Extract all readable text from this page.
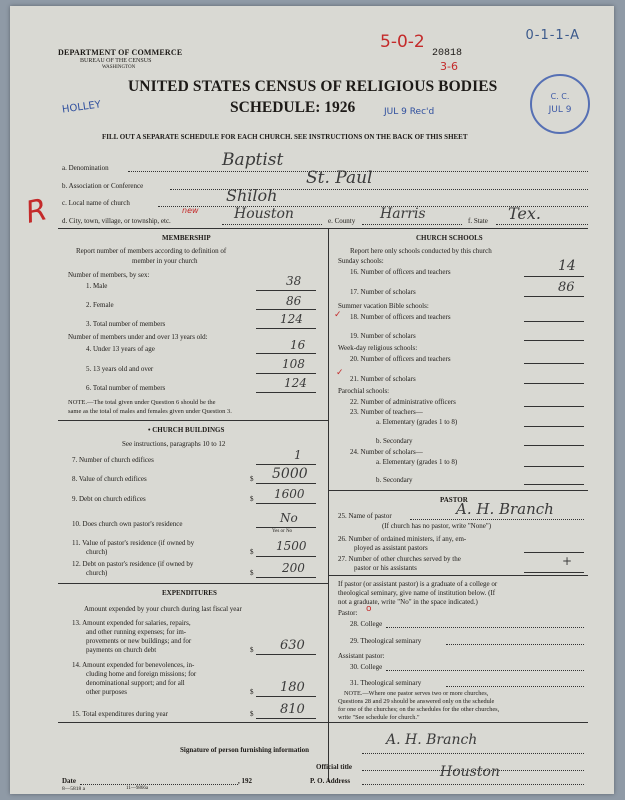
0-1-1-A
5-0-2
20818
3-6
DEPARTMENT OF COMMERCE
BUREAU OF THE CENSUS
WASHINGTON
HOLLEY
UNITED STATES CENSUS OF RELIGIOUS BODIES
SCHEDULE: 1926	JUL 9 Rec'd
C. C.
JUL 9
FILL OUT A SEPARATE SCHEDULE FOR EACH CHURCH. SEE INSTRUCTIONS ON THE BACK OF THIS SHEET
a. Denomination	Baptist
b. Association or Conference	St. Paul
c. Local name of church	Shiloh
d. City, town, village, or township, etc.
new	Houston	e. County Harris	f. State Tex.
R
MEMBERSHIP
Report number of members according to definition of
member in your church
Number of members, by sex:
1. Male	38
2. Female	86
3. Total number of members	124
Number of members under and over 13 years old:
4. Under 13 years of age	16
5. 13 years old and over	108
6. Total number of members	124
NOTE.—The total given under Question 6 should be the
same as the total of males and females given under Question 3.
• CHURCH BUILDINGS
See instructions, paragraphs 10 to 12
7. Number of church edifices	1
8. Value of church edifices	$ 5000
9. Debt on church edifices	$ 1600
10. Does church own pastor's residence	No
Yes or No
11. Value of pastor's residence (if owned by
church)	$ 1500
12. Debt on pastor's residence (if owned by
church)	$ 200
EXPENDITURES
Amount expended by your church during last fiscal year
13. Amount expended for salaries, repairs,
and other running expenses; for im-
provements or new buildings; and for
payments on church debt	$ 630
14. Amount expended for benevolences, in-
cluding home and foreign missions; for
denominational support; and for all
other purposes	$ 180
15. Total expenditures during year	$ 810
CHURCH SCHOOLS
Report here only schools conducted by this church
Sunday schools:
16. Number of officers and teachers	14
17. Number of scholars	86
Summer vacation Bible schools:
✓ 18. Number of officers and teachers
19. Number of scholars
Week-day religious schools:
20. Number of officers and teachers
✓
21. Number of scholars
Parochial schools:
22. Number of administrative officers
23. Number of teachers—
a. Elementary (grades 1 to 8)
b. Secondary
24. Number of scholars—
a. Elementary (grades 1 to 8)
b. Secondary
PASTOR
25. Name of pastor	A. H. Branch
(If church has no pastor, write "None")
26. Number of ordained ministers, if any, em-
ployed as assistant pastors
27. Number of other churches served by the
pastor or his assistants	+
If pastor (or assistant pastor) is a graduate of a college or
theological seminary, give name of institution below. (If
not a graduate, write "No" in the space indicated.)
Pastor: o
28. College
29. Theological seminary
Assistant pastor:
30. College
31. Theological seminary
NOTE.—Where one pastor serves two or more churches,
Questions 28 and 29 should be answered only on the schedule
for one of the churches; on the schedules for the other churches,
write "See schedule for church."
Signature of person furnishing information
A. H. Branch
Official title
Date	, 192	P. O. Address
Houston
8—5818 a	11—9866a
